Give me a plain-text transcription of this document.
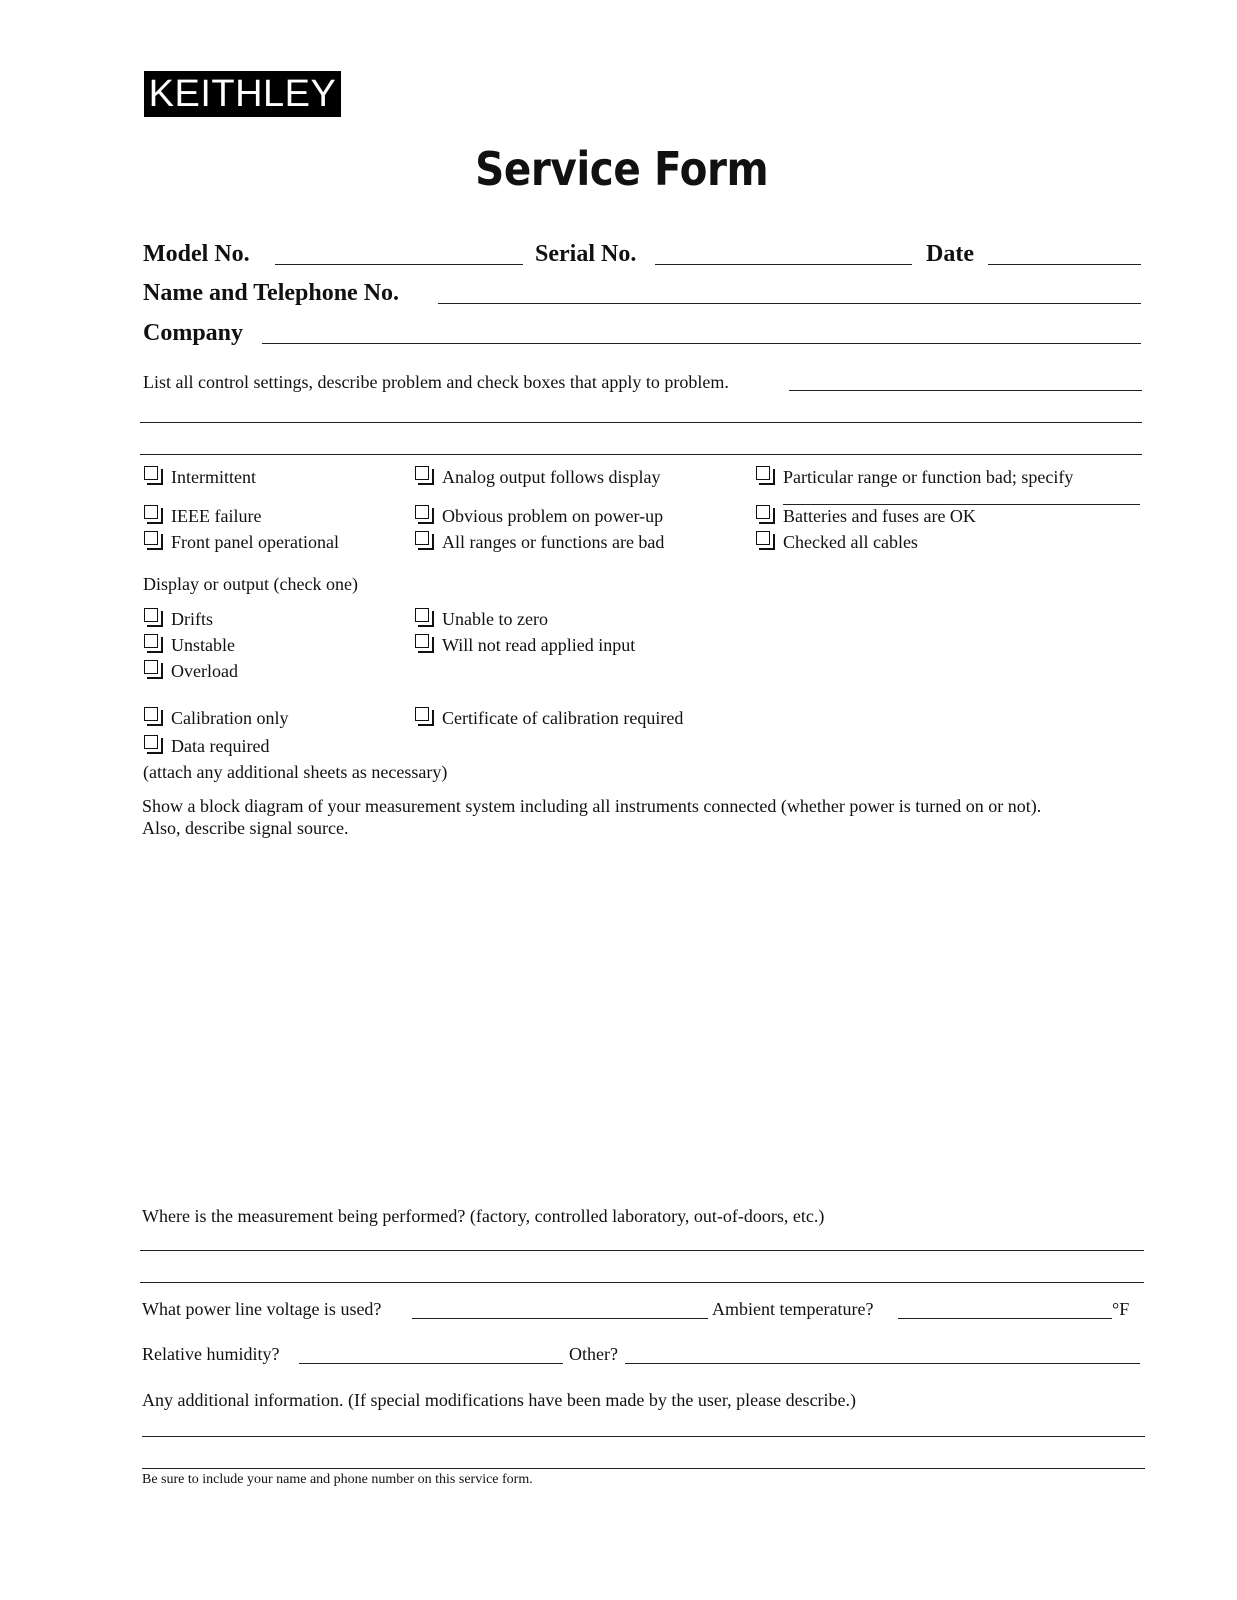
KEITHLEY
Service Form
Model No.	Serial No.	Date
Name and Telephone No.
Company
List all control settings, describe problem and check boxes that apply to problem.
Intermittent	Analog output follows display	Particular range or function bad; specify
IEEE failure	Obvious problem on power-up	Batteries and fuses are OK
Front panel operational	All ranges or functions are bad	Checked all cables
Display or output (check one)
Drifts	Unable to zero
Unstable	Will not read applied input
Overload
Calibration only	Certificate of calibration required
Data required
(attach any additional sheets as necessary)
Show a block diagram of your measurement system including all instruments connected (whether power is turned on or not).
Also, describe signal source.
Where is the measurement being performed? (factory, controlled laboratory, out-of-doors, etc.)
What power line voltage is used?	Ambient temperature?	°F
Relative humidity?	Other?
Any additional information. (If special modifications have been made by the user, please describe.)
Be sure to include your name and phone number on this service form.
